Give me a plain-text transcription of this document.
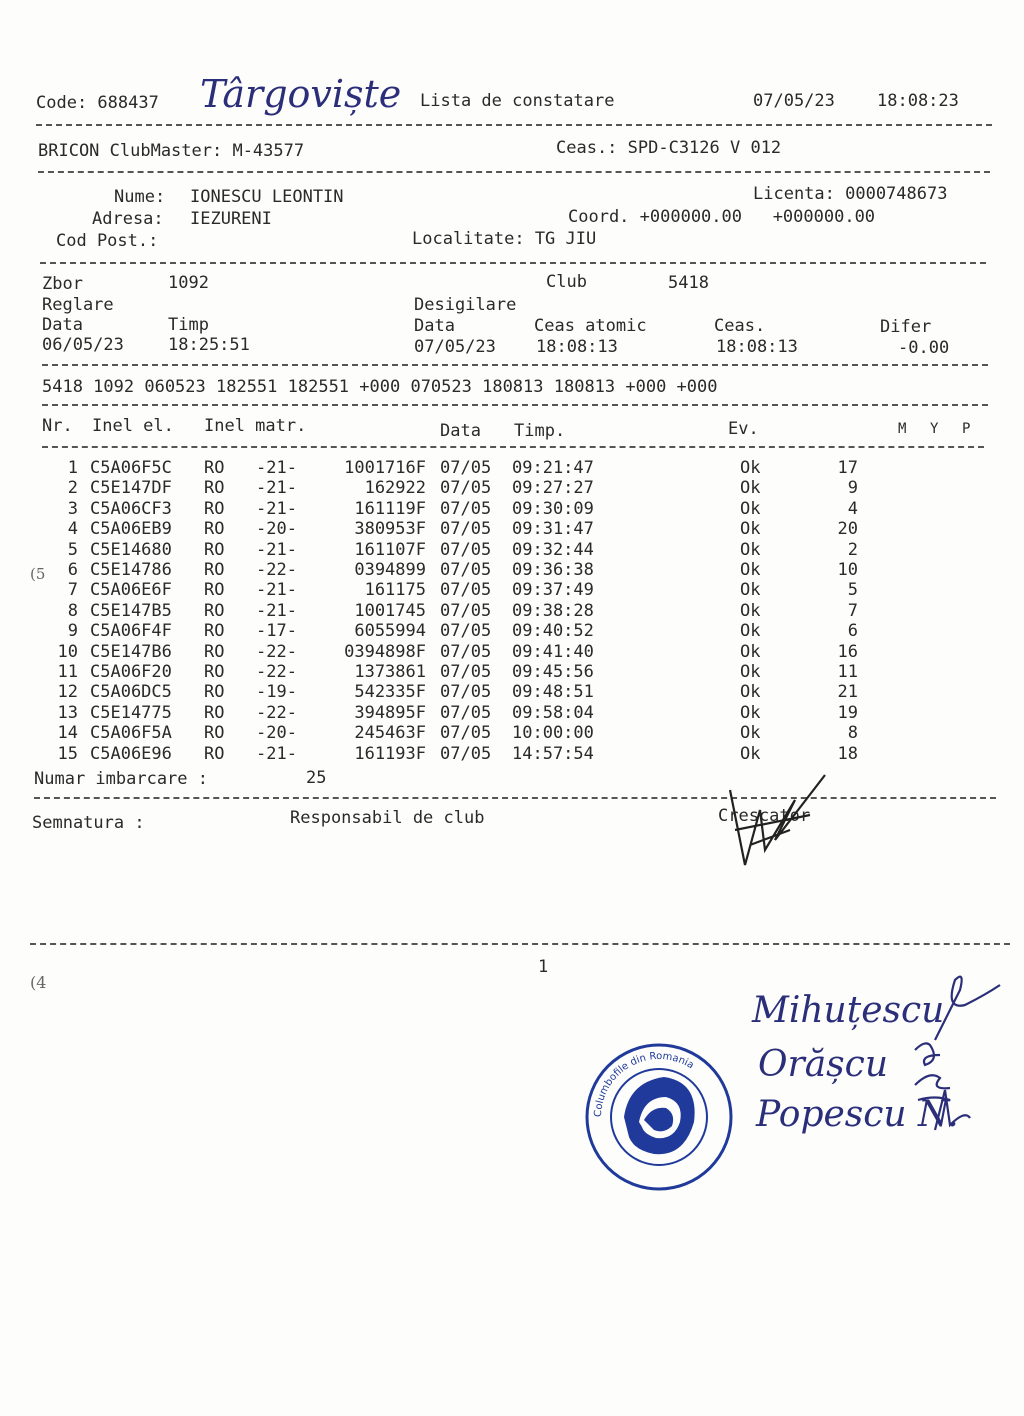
Code: 688437 Târgoviște Lista de constatare	07/05/23 18:08:23
BRICON ClubMaster: M-43577	Ceas.: SPD-C3126 V 012
Nume: IONESCU LEONTIN	Licenta: 0000748673
Adresa: IEZURENI	Coord. +000000.00   +000000.00
Cod Post.:	Localitate: TG JIU
Zbor	1092	Club	5418
Reglare	Desigilare
Data	Timp	Data	Ceas atomic	Ceas.	Difer
06/05/23	18:25:51	07/05/23 18:08:13	18:08:13	-0.00
5418 1092 060523 182551 182551 +000 070523 180813 180813 +000 +000
Nr. Inel el. Inel matr.	Data Timp.	Ev.	M Y P
1 C5A06F5C RO -21-	1001716F 07/05 09:21:47	Ok	17
2 C5E147DF RO -21-	162922 07/05 09:27:27	Ok	9
3 C5A06CF3 RO -21-	161119F 07/05 09:30:09	Ok	4
4 C5A06EB9 RO -20-	380953F 07/05 09:31:47	Ok	20
5 C5E14680 RO -21-	161107F 07/05 09:32:44	Ok	2
6 C5E14786 RO -22-	0394899 07/05 09:36:38	Ok	10
7 C5A06E6F RO -21-	161175 07/05 09:37:49	Ok	5
8 C5E147B5 RO -21-	1001745 07/05 09:38:28	Ok	7
9 C5A06F4F RO -17-	6055994 07/05 09:40:52	Ok	6
10 C5E147B6 RO -22-	0394898F 07/05 09:41:40	Ok	16
11 C5A06F20 RO -22-	1373861 07/05 09:45:56	Ok	11
12 C5A06DC5 RO -19-	542335F 07/05 09:48:51	Ok	21
13 C5E14775 RO -22-	394895F 07/05 09:58:04	Ok	19
14 C5A06F5A RO -20-	245463F 07/05 10:00:00	Ok	8
15 C5A06E96 RO -21-	161193F 07/05 14:57:54	Ok	18
(5
Numar imbarcare :	25
Semnatura :	Responsabil de club	Crescator
1
(4
Mihuțescu
Orășcu
Popescu N.
Columbofile din Romania
